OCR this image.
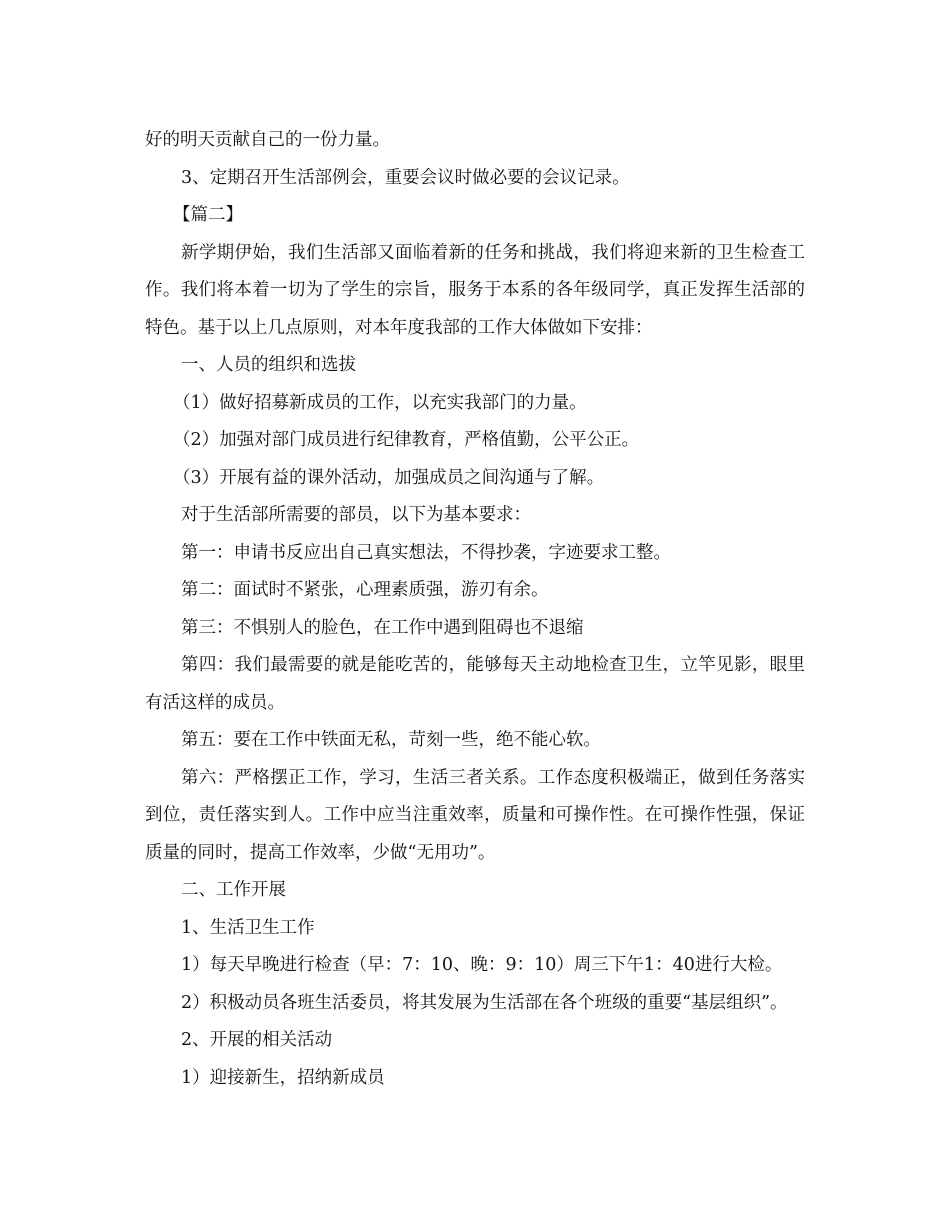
好的明天贡献自己的一份力量。

3、定期召开生活部例会，重要会议时做必要的会议记录。

【篇二】

新学期伊始，我们生活部又面临着新的任务和挑战，我们将迎来新的卫生检查工作。我们将本着一切为了学生的宗旨，服务于本系的各年级同学，真正发挥生活部的特色。基于以上几点原则，对本年度我部的工作大体做如下安排：

一、人员的组织和选拔

（1）做好招募新成员的工作，以充实我部门的力量。

（2）加强对部门成员进行纪律教育，严格值勤，公平公正。

（3）开展有益的课外活动，加强成员之间沟通与了解。

对于生活部所需要的部员，以下为基本要求：

第一：申请书反应出自己真实想法，不得抄袭，字迹要求工整。

第二：面试时不紧张，心理素质强，游刃有余。

第三：不惧别人的脸色，在工作中遇到阻碍也不退缩

第四：我们最需要的就是能吃苦的，能够每天主动地检查卫生，立竿见影，眼里有活这样的成员。

第五：要在工作中铁面无私，苛刻一些，绝不能心软。

第六：严格摆正工作，学习，生活三者关系。工作态度积极端正，做到任务落实到位，责任落实到人。工作中应当注重效率，质量和可操作性。在可操作性强，保证质量的同时，提高工作效率，少做“无用功”。

二、工作开展

1、生活卫生工作

1）每天早晚进行检查（早：7：10、晚：9：10）周三下午1：40进行大检。

2）积极动员各班生活委员，将其发展为生活部在各个班级的重要“基层组织”。

2、开展的相关活动

1）迎接新生，招纳新成员
